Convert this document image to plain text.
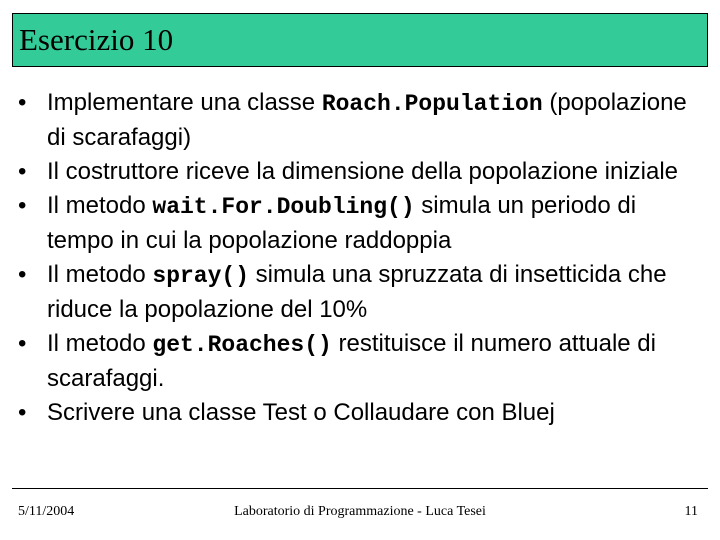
Esercizio 10
• Implementare una classe Roach.Population (popolazione di scarafaggi)
• Il costruttore riceve la dimensione della popolazione iniziale
• Il metodo wait.For.Doubling() simula un periodo di tempo in cui la popolazione raddoppia
• Il metodo spray() simula una spruzzata di insetticida che riduce la popolazione del 10%
• Il metodo get.Roaches() restituisce il numero attuale di scarafaggi.
• Scrivere una classe Test o Collaudare con Bluej
Laboratorio di Programmazione - Luca Tesei
5/11/2004	11
